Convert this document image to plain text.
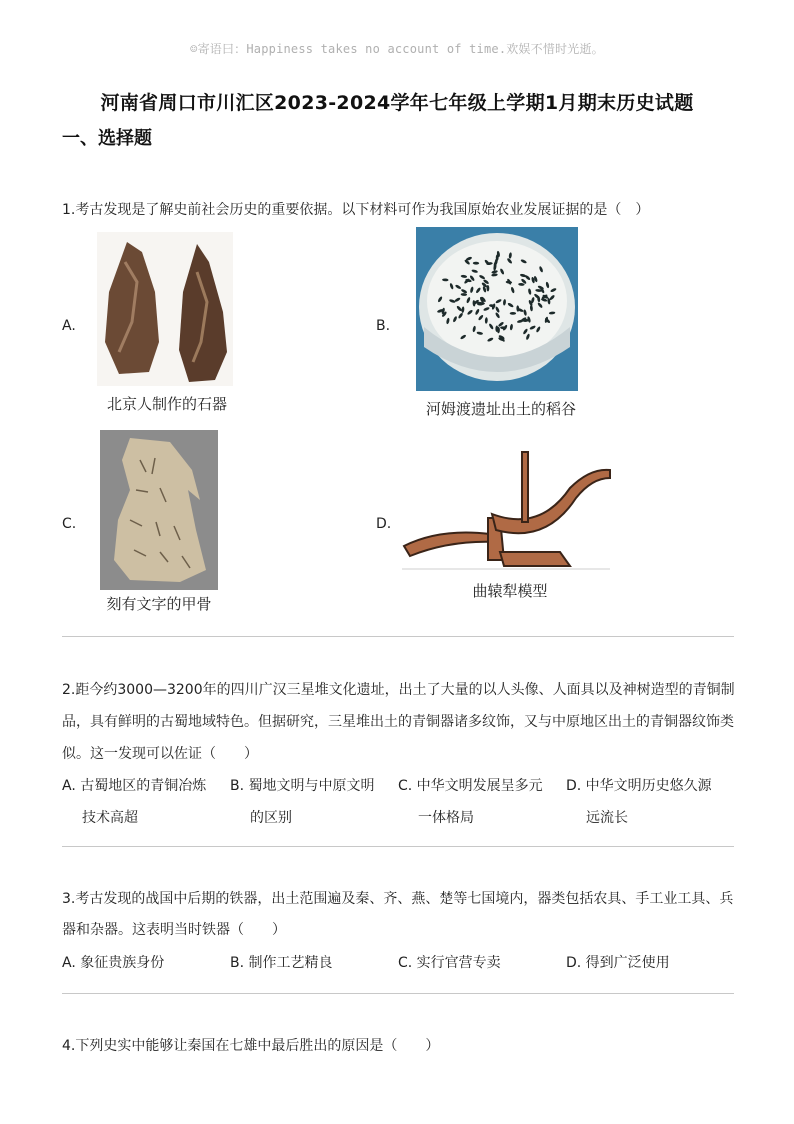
☺寄语曰：Happiness takes no account of time.欢娱不惜时光逝。
河南省周口市川汇区2023-2024学年七年级上学期1月期末历史试题
一、选择题
1.考古发现是了解史前社会历史的重要依据。以下材料可作为我国原始农业发展证据的是（　）
A.
北京人制作的石器
B.
河姆渡遗址出土的稻谷
C.
刻有文字的甲骨
D.
曲辕犁模型
2.距今约3000—3200年的四川广汉三星堆文化遗址，出土了大量的以人头像、人面具以及神树造型的青铜制
品，具有鲜明的古蜀地域特色。但据研究，三星堆出土的青铜器诸多纹饰，又与中原地区出土的青铜器纹饰类
似。这一发现可以佐证（　　）
A. 古蜀地区的青铜冶炼
技术高超
B. 蜀地文明与中原文明
的区别
C. 中华文明发展呈多元
一体格局
D. 中华文明历史悠久源
远流长
3.考古发现的战国中后期的铁器，出土范围遍及秦、齐、燕、楚等七国境内，器类包括农具、手工业工具、兵
器和杂器。这表明当时铁器（　　）
A. 象征贵族身份	B. 制作工艺精良	C. 实行官营专卖	D. 得到广泛使用
4.下列史实中能够让秦国在七雄中最后胜出的原因是（　　）
